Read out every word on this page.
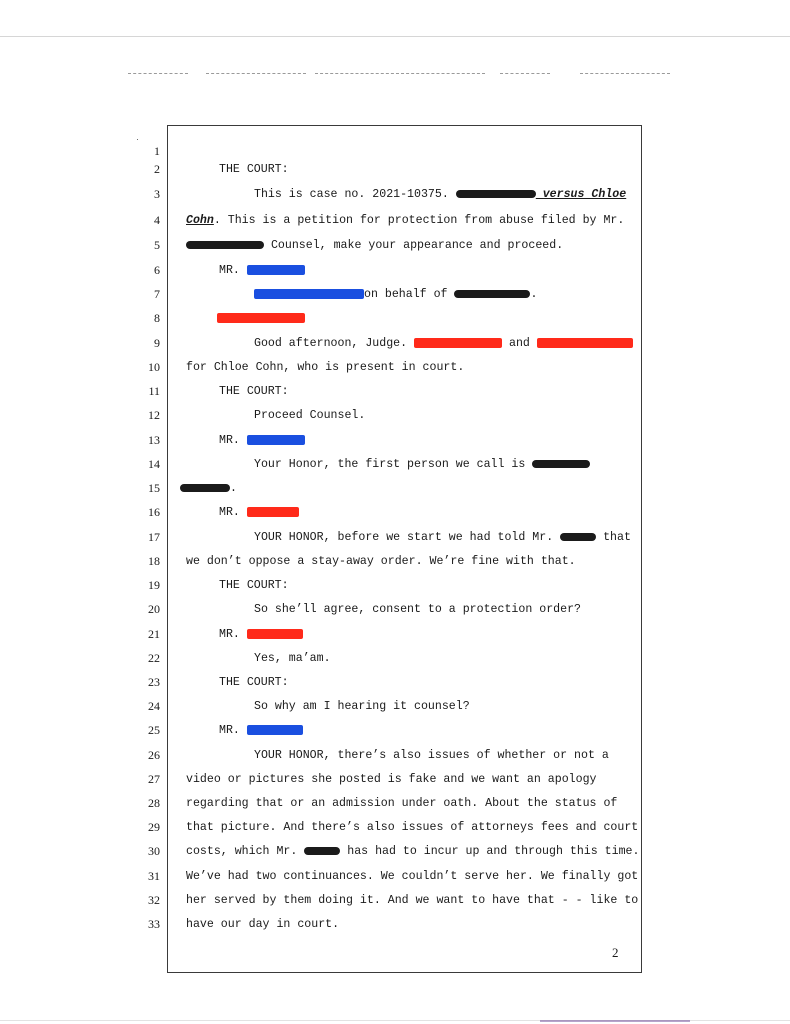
·
2
1
2	THE COURT:
3	This is case no. 2021-10375.	versus Chloe
4 Cohn. This is a petition for protection from abuse filed by Mr.
5	Counsel, make your appearance and proceed.
6	MR.
7	on behalf of	.
8
9	Good afternoon, Judge.	and
10 for Chloe Cohn, who is present in court.
11	THE COURT:
12	Proceed Counsel.
13	MR.
14	Your Honor, the first person we call is
15	.
16	MR.
17	YOUR HONOR, before we start we had told Mr.	that
18 we don’t oppose a stay-away order. We’re fine with that.
19	THE COURT:
20	So she’ll agree, consent to a protection order?
21	MR.
22	Yes, ma’am.
23	THE COURT:
24	So why am I hearing it counsel?
25	MR.
26	YOUR HONOR, there’s also issues of whether or not a
27 video or pictures she posted is fake and we want an apology
28 regarding that or an admission under oath. About the status of
29 that picture. And there’s also issues of attorneys fees and court
30 costs, which Mr.	has had to incur up and through this time.
31 We’ve had two continuances. We couldn’t serve her. We finally got
32 her served by them doing it. And we want to have that - - like to
33 have our day in court.
